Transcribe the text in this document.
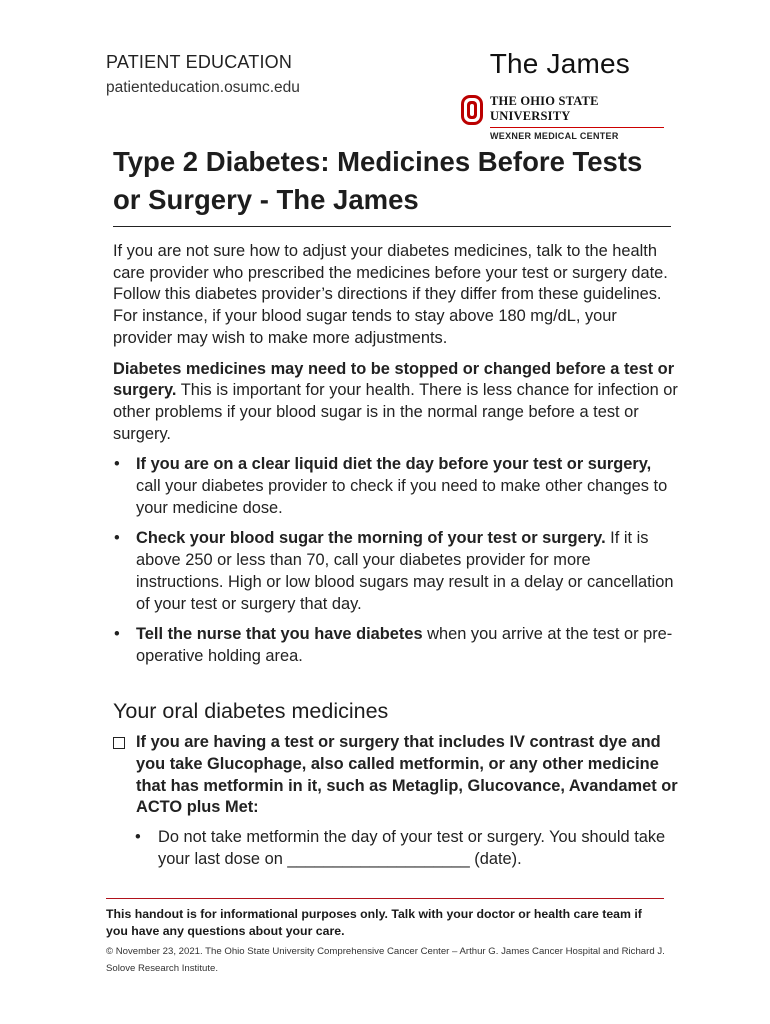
PATIENT EDUCATION
patienteducation.osumc.edu
The James
THE OHIO STATE UNIVERSITY
WEXNER MEDICAL CENTER
Type 2 Diabetes: Medicines Before Tests or Surgery - The James

If you are not sure how to adjust your diabetes medicines, talk to the health care provider who prescribed the medicines before your test or surgery date. Follow this diabetes provider’s directions if they differ from these guidelines. For instance, if your blood sugar tends to stay above 180 mg/dL, your provider may wish to make more adjustments.

Diabetes medicines may need to be stopped or changed before a test or surgery. This is important for your health. There is less chance for infection or other problems if your blood sugar is in the normal range before a test or surgery.

• If you are on a clear liquid diet the day before your test or surgery, call your diabetes provider to check if you need to make other changes to your medicine dose.
• Check your blood sugar the morning of your test or surgery. If it is above 250 or less than 70, call your diabetes provider for more instructions. High or low blood sugars may result in a delay or cancellation of your test or surgery that day.
• Tell the nurse that you have diabetes when you arrive at the test or pre-operative holding area.
Your oral diabetes medicines
If you are having a test or surgery that includes IV contrast dye and you take Glucophage, also called metformin, or any other medicine that has metformin in it, such as Metaglip, Glucovance, Avandamet or ACTO plus Met:
• Do not take metformin the day of your test or surgery. You should take your last dose on ____________________ (date).
This handout is for informational purposes only. Talk with your doctor or health care team if you have any questions about your care.
© November 23, 2021. The Ohio State University Comprehensive Cancer Center – Arthur G. James Cancer Hospital and Richard J. Solove Research Institute.
